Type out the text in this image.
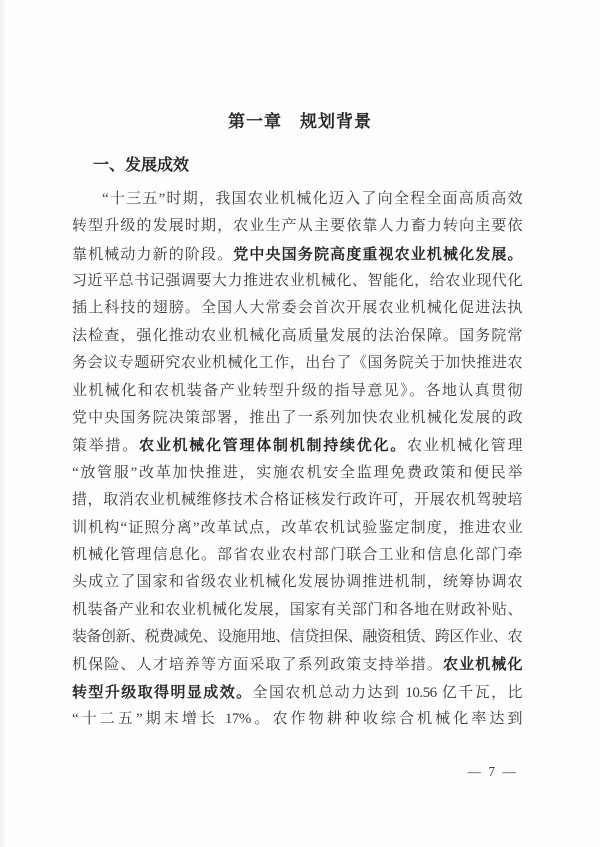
第一章　规划背景
一、发展成效
“十三五”时期，我国农业机械化迈入了向全程全面高质高效
转型升级的发展时期，农业生产从主要依靠人力畜力转向主要依
靠机械动力新的阶段。党中央国务院高度重视农业机械化发展。
习近平总书记强调要大力推进农业机械化、智能化，给农业现代化
插上科技的翅膀。全国人大常委会首次开展农业机械化促进法执
法检查，强化推动农业机械化高质量发展的法治保障。国务院常
务会议专题研究农业机械化工作，出台了《国务院关于加快推进农
业机械化和农机装备产业转型升级的指导意见》。各地认真贯彻
党中央国务院决策部署，推出了一系列加快农业机械化发展的政
策举措。农业机械化管理体制机制持续优化。农业机械化管理
“放管服”改革加快推进，实施农机安全监理免费政策和便民举
措，取消农业机械维修技术合格证核发行政许可，开展农机驾驶培
训机构“证照分离”改革试点，改革农机试验鉴定制度，推进农业
机械化管理信息化。部省农业农村部门联合工业和信息化部门牵
头成立了国家和省级农业机械化发展协调推进机制，统筹协调农
机装备产业和农业机械化发展，国家有关部门和各地在财政补贴、
装备创新、税费减免、设施用地、信贷担保、融资租赁、跨区作业、农
机保险、人才培养等方面采取了系列政策支持举措。农业机械化
转型升级取得明显成效。全国农机总动力达到 10.56 亿千瓦，比
“十二五”期末增长 17%。农作物耕种收综合机械化率达到
— 7 —
